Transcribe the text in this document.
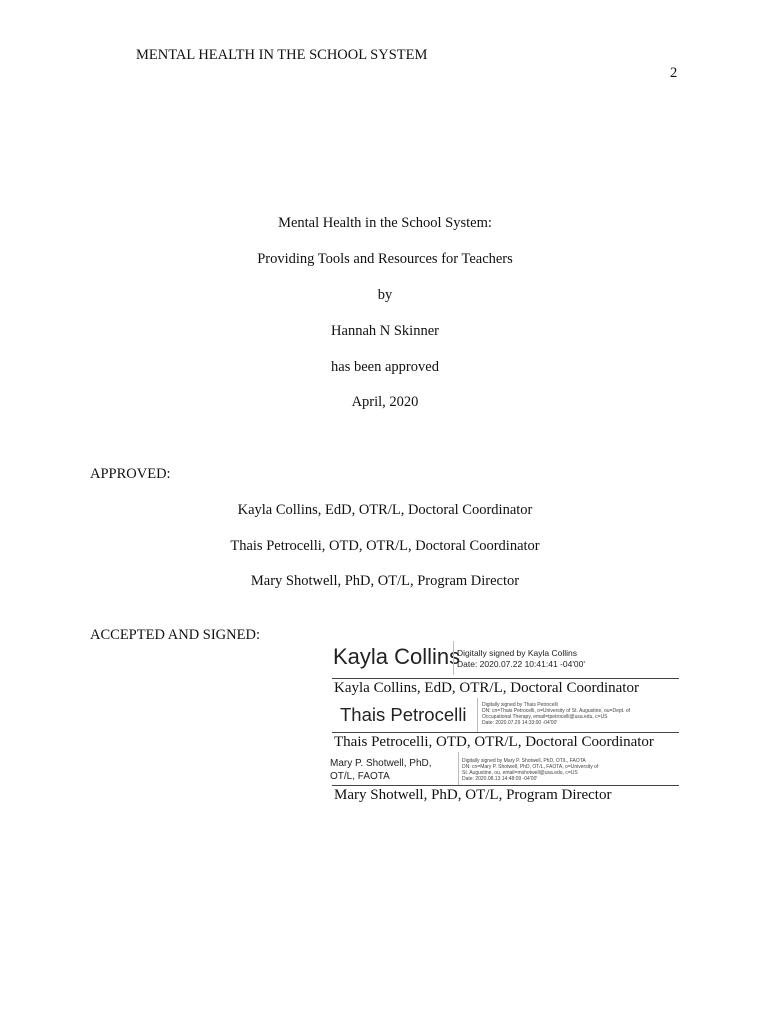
MENTAL HEALTH IN THE SCHOOL SYSTEM
2
Mental Health in the School System:
Providing Tools and Resources for Teachers
by
Hannah N Skinner
has been approved
April, 2020
APPROVED:
Kayla Collins, EdD, OTR/L, Doctoral Coordinator
Thais Petrocelli, OTD, OTR/L, Doctoral Coordinator
Mary Shotwell, PhD, OT/L, Program Director
ACCEPTED AND SIGNED:
Kayla Collins
Digitally signed by Kayla Collins
Date: 2020.07.22 10:41:41 -04'00'
Kayla Collins, EdD, OTR/L, Doctoral Coordinator
Thais Petrocelli	Digitally signed by Thais Petrocelli
DN: cn=Thais Petrocelli, o=University of St. Augustine, ou=Dept. of
Occupational Therapy, email=tpetrocelli@usa.edu, c=US
Date: 2020.07.29 14:33:00 -04'00'
Thais Petrocelli, OTD, OTR/L, Doctoral Coordinator
Mary P. Shotwell, PhD, OT/L, FAOTA
Digitally signed by Mary P. Shotwell, PhD, OT/L, FAOTA
DN: cn=Mary P. Shotwell, PhD, OT/L, FAOTA, o=University of
St. Augustine, ou, email=mshotwell@usa.edu, c=US
Date: 2020.08.13 14:48:09 -04'00'
Mary Shotwell, PhD, OT/L, Program Director
